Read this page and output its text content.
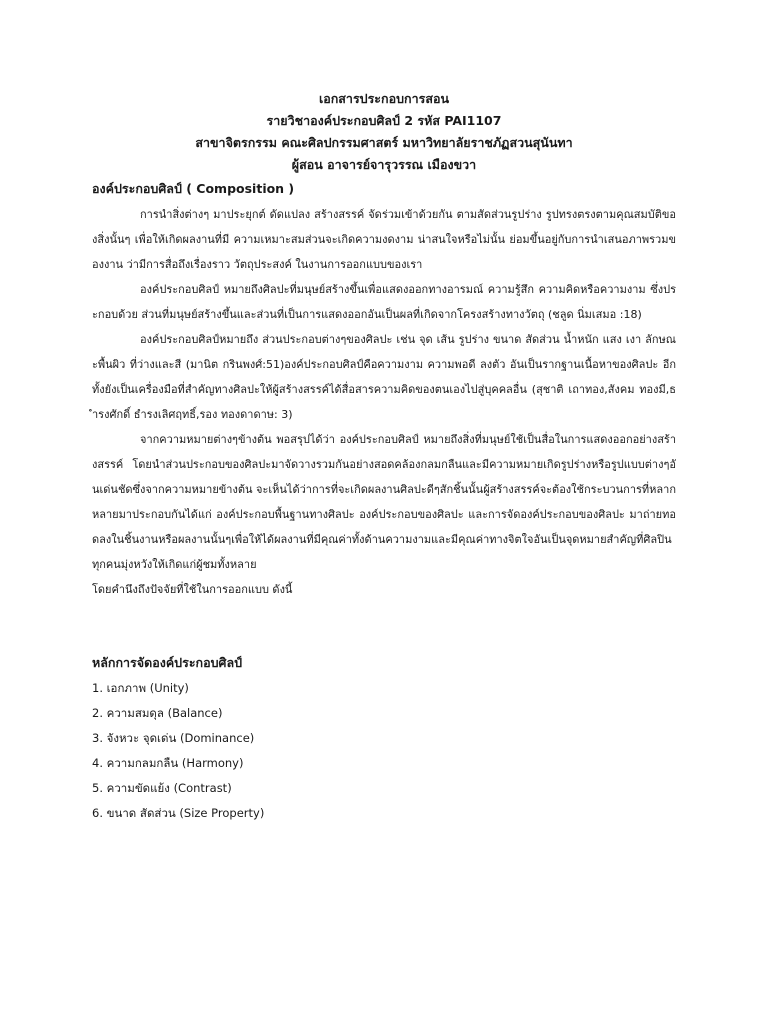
เอกสารประกอบการสอน
รายวิชาองค์ประกอบศิลป์ 2 รหัส PAI1107
สาขาจิตรกรรม คณะศิลปกรรมศาสตร์ มหาวิทยาลัยราชภัฏสวนสุนันทา
ผู้สอน อาจารย์จารุวรรณ เมืองขวา
องค์ประกอบศิลป์ ( Composition )

การนำสิ่งต่างๆ มาประยุกต์ ดัดแปลง สร้างสรรค์ จัดร่วมเข้าด้วยกัน ตามสัดส่วนรูปร่าง รูปทรงตรงตามคุณสมบัติของสิ่งนั้นๆ เพื่อให้เกิดผลงานที่มี ความเหมาะสมส่วนจะเกิดความงดงาม น่าสนใจหรือไม่นั้น ย่อมขึ้นอยู่กับการนำเสนอภาพรวมของงาน ว่ามีการสื่อถึงเรื่องราว วัตถุประสงค์ ในงานการออกแบบของเรา

องค์ประกอบศิลป์ หมายถึงศิลปะที่มนุษย์สร้างขึ้นเพื่อแสดงออกทางอารมณ์ ความรู้สึก ความคิดหรือความงาม ซึ่งประกอบด้วย ส่วนที่มนุษย์สร้างขึ้นและส่วนที่เป็นการแสดงออกอันเป็นผลที่เกิดจากโครงสร้างทางวัตถุ (ชลูด นิ่มเสมอ :18)

องค์ประกอบศิลป์หมายถึง ส่วนประกอบต่างๆของศิลปะ เช่น จุด เส้น รูปร่าง ขนาด สัดส่วน น้ำหนัก แสง เงา ลักษณะพื้นผิว ที่ว่างและสี (มานิต กรินพงศ์:51)องค์ประกอบศิลป์คือความงาม ความพอดี ลงตัว อันเป็นรากฐานเนื้อหาของศิลปะ อีกทั้งยังเป็นเครื่องมือที่สำคัญทางศิลปะให้ผู้สร้างสรรค์ได้สื่อสารความคิดของตนเองไปสู่บุคคลอื่น (สุชาติ เถาทอง,สังคม ทองมี,ธำรงศักดิ์ ธำรงเลิศฤทธิ์,รอง ทองดาดาษ: 3)

จากความหมายต่างๆข้างต้น พอสรุปได้ว่า องค์ประกอบศิลป์ หมายถึงสิ่งที่มนุษย์ใช้เป็นสื่อในการแสดงออกอย่างสร้างสรรค์ โดยนำส่วนประกอบของศิลปะมาจัดวางรวมกันอย่างสอดคล้องกลมกลืนและมีความหมายเกิดรูปร่างหรือรูปแบบต่างๆอันเด่นชัดซึ่งจากความหมายข้างต้น จะเห็นได้ว่าการที่จะเกิดผลงานศิลปะดีๆสักชิ้นนั้นผู้สร้างสรรค์จะต้องใช้กระบวนการที่หลากหลายมาประกอบกันได้แก่ องค์ประกอบพื้นฐานทางศิลปะ องค์ประกอบของศิลปะ และการจัดองค์ประกอบของศิลปะ มาถ่ายทอดลงในชิ้นงานหรือผลงานนั้นๆเพื่อให้ได้ผลงานที่มีคุณค่าทั้งด้านความงามและมีคุณค่าทางจิตใจอันเป็นจุดหมายสำคัญที่ศิลปินทุกคนมุ่งหวังให้เกิดแก่ผู้ชมทั้งหลาย

โดยคำนึงถึงปัจจัยที่ใช้ในการออกแบบ ดังนี้

หลักการจัดองค์ประกอบศิลป์
1. เอกภาพ (Unity)
2. ความสมดุล (Balance)
3. จังหวะ จุดเด่น (Dominance)
4. ความกลมกลืน (Harmony)
5. ความขัดแย้ง (Contrast)
6. ขนาด สัดส่วน (Size Property)
